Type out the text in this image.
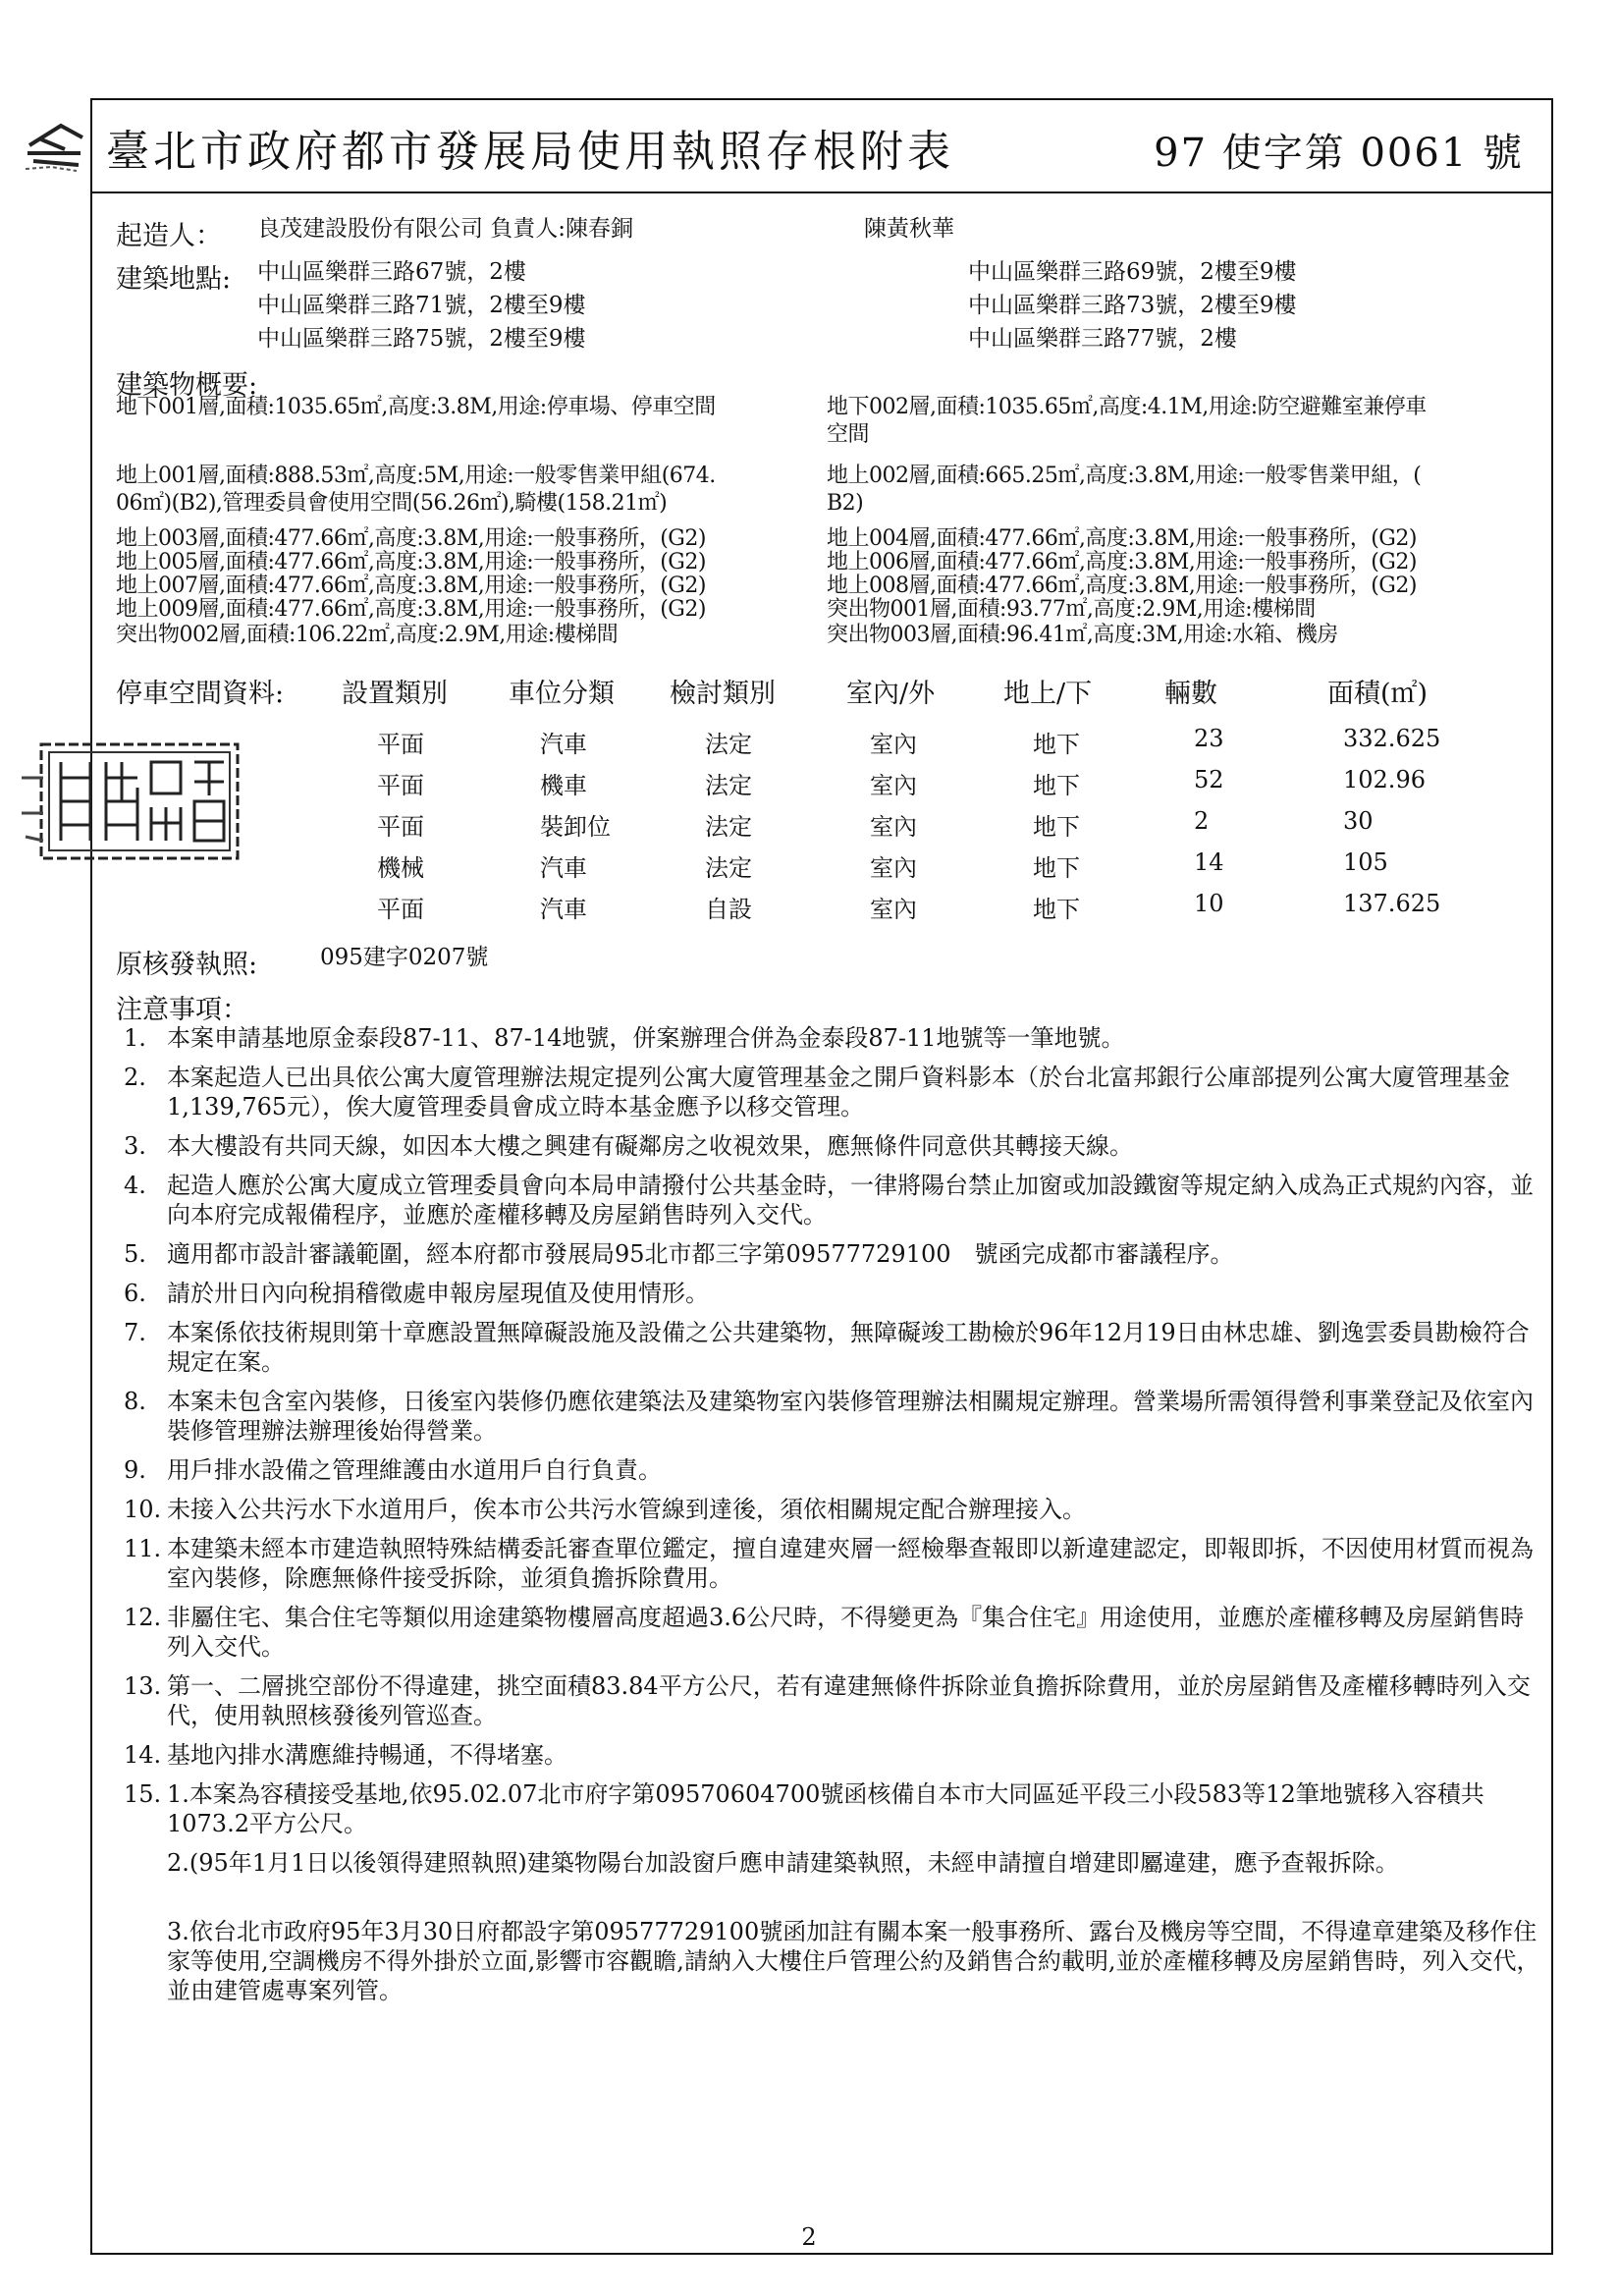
臺北市政府都市發展局使用執照存根附表	97 使字第 0061 號
起造人： 良茂建設股份有限公司 負責人:陳春銅	陳黃秋華
建築地點: 中山區樂群三路67號，2樓	中山區樂群三路69號，2樓至9樓
中山區樂群三路71號，2樓至9樓	中山區樂群三路73號，2樓至9樓
中山區樂群三路75號，2樓至9樓	中山區樂群三路77號，2樓
建築物概要:
地下001層,面積:1035.65㎡,高度:3.8M,用途:停車場、停車空間	地下002層,面積:1035.65㎡,高度:4.1M,用途:防空避難室兼停車
空間
地上001層,面積:888.53㎡,高度:5M,用途:一般零售業甲組(674.
06㎡)(B2),管理委員會使用空間(56.26㎡),騎樓(158.21㎡)
地上002層,面積:665.25㎡,高度:3.8M,用途:一般零售業甲組，(
B2)
地上003層,面積:477.66㎡,高度:3.8M,用途:一般事務所，(G2)	地上004層,面積:477.66㎡,高度:3.8M,用途:一般事務所，(G2)
地上005層,面積:477.66㎡,高度:3.8M,用途:一般事務所，(G2)	地上006層,面積:477.66㎡,高度:3.8M,用途:一般事務所，(G2)
地上007層,面積:477.66㎡,高度:3.8M,用途:一般事務所，(G2)	地上008層,面積:477.66㎡,高度:3.8M,用途:一般事務所，(G2)
地上009層,面積:477.66㎡,高度:3.8M,用途:一般事務所，(G2)	突出物001層,面積:93.77㎡,高度:2.9M,用途:樓梯間
突出物002層,面積:106.22㎡,高度:2.9M,用途:樓梯間	突出物003層,面積:96.41㎡,高度:3M,用途:水箱、機房
停車空間資料: 設置類別 車位分類 檢討類別	室內/外	地上/下	輛數	面積(㎡)
平面	汽車	法定	室內	地下	23	332.625
平面	機車	法定	室內	地下	52	102.96
平面	裝卸位	法定	室內	地下	2	30
機械	汽車	法定	室內	地下	14	105
平面	汽車	自設	室內	地下	10	137.625
原核發執照:	095建字0207號
注意事項：
1. 本案申請基地原金泰段87-11、87-14地號，併案辦理合併為金泰段87-11地號等一筆地號。
2. 本案起造人已出具依公寓大廈管理辦法規定提列公寓大廈管理基金之開戶資料影本（於台北富邦銀行公庫部提列公寓大廈管理基金1,139,765元），俟大廈管理委員會成立時本基金應予以移交管理。
3. 本大樓設有共同天線，如因本大樓之興建有礙鄰房之收視效果，應無條件同意供其轉接天線。
4. 起造人應於公寓大廈成立管理委員會向本局申請撥付公共基金時，一律將陽台禁止加窗或加設鐵窗等規定納入成為正式規約內容，並向本府完成報備程序，並應於產權移轉及房屋銷售時列入交代。
5. 適用都市設計審議範圍，經本府都市發展局95北市都三字第09577729100　號函完成都市審議程序。
6. 請於卅日內向稅捐稽徵處申報房屋現值及使用情形。
7. 本案係依技術規則第十章應設置無障礙設施及設備之公共建築物，無障礙竣工勘檢於96年12月19日由林忠雄、劉逸雲委員勘檢符合規定在案。
8. 本案未包含室內裝修，日後室內裝修仍應依建築法及建築物室內裝修管理辦法相關規定辦理。營業場所需領得營利事業登記及依室內裝修管理辦法辦理後始得營業。
9. 用戶排水設備之管理維護由水道用戶自行負責。
10. 未接入公共污水下水道用戶，俟本市公共污水管線到達後，須依相關規定配合辦理接入。
11. 本建築未經本市建造執照特殊結構委託審查單位鑑定，擅自違建夾層一經檢舉查報即以新違建認定，即報即拆，不因使用材質而視為室內裝修，除應無條件接受拆除，並須負擔拆除費用。
12. 非屬住宅、集合住宅等類似用途建築物樓層高度超過3.6公尺時，不得變更為『集合住宅』用途使用，並應於產權移轉及房屋銷售時列入交代。
13. 第一、二層挑空部份不得違建，挑空面積83.84平方公尺，若有違建無條件拆除並負擔拆除費用，並於房屋銷售及產權移轉時列入交代，使用執照核發後列管巡查。
14. 基地內排水溝應維持暢通，不得堵塞。
15. 1.本案為容積接受基地,依95.02.07北市府字第09570604700號函核備自本市大同區延平段三小段583等12筆地號移入容積共1073.2平方公尺。
2.(95年1月1日以後領得建照執照)建築物陽台加設窗戶應申請建築執照，未經申請擅自增建即屬違建，應予查報拆除。
3.依台北市政府95年3月30日府都設字第09577729100號函加註有關本案一般事務所、露台及機房等空間，不得違章建築及移作住家等使用,空調機房不得外掛於立面,影響市容觀瞻,請納入大樓住戶管理公約及銷售合約載明,並於產權移轉及房屋銷售時，列入交代，並由建管處專案列管。
2
